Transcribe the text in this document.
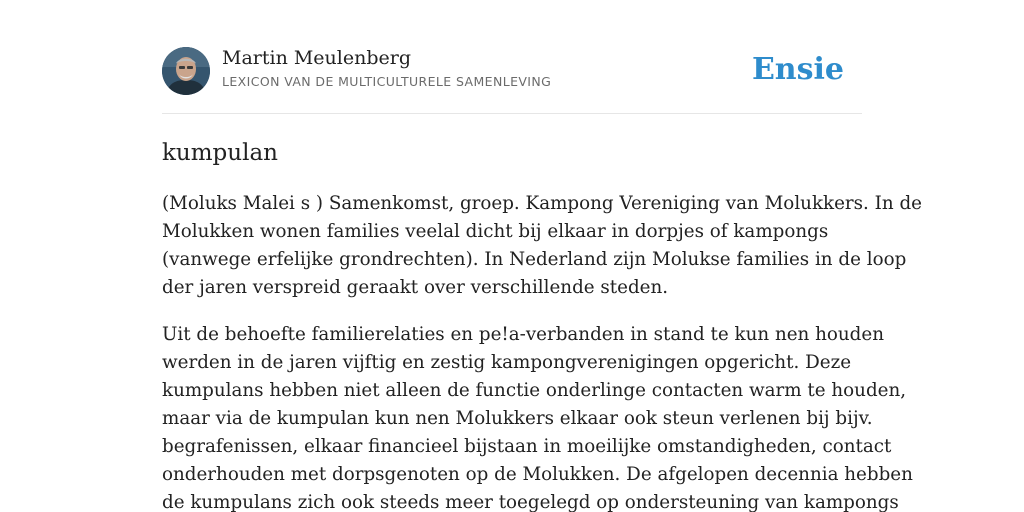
Martin Meulenberg
LEXICON VAN DE MULTICULTURELE SAMENLEVING	Ensie
kumpulan

(Moluks Malei s ) Samenkomst, groep. Kampong Vereniging van Molukkers. In de
Molukken wonen families veelal dicht bij elkaar in dorpjes of kampongs
(vanwege erfelijke grondrechten). In Nederland zijn Molukse families in de loop
der jaren verspreid geraakt over verschillende steden.

Uit de behoefte familierelaties en pe!a-verbanden in stand te kun nen houden
werden in de jaren vijftig en zestig kampongverenigingen opgericht. Deze
kumpulans hebben niet alleen de functie onderlinge contacten warm te houden,
maar via de kumpulan kun nen Molukkers elkaar ook steun verlenen bij bijv.
begrafenissen, elkaar financieel bijstaan in moeilijke omstandigheden, contact
onderhouden met dorpsgenoten op de Molukken. De afgelopen decennia hebben
de kumpulans zich ook steeds meer toegelegd op ondersteuning van kampongs
